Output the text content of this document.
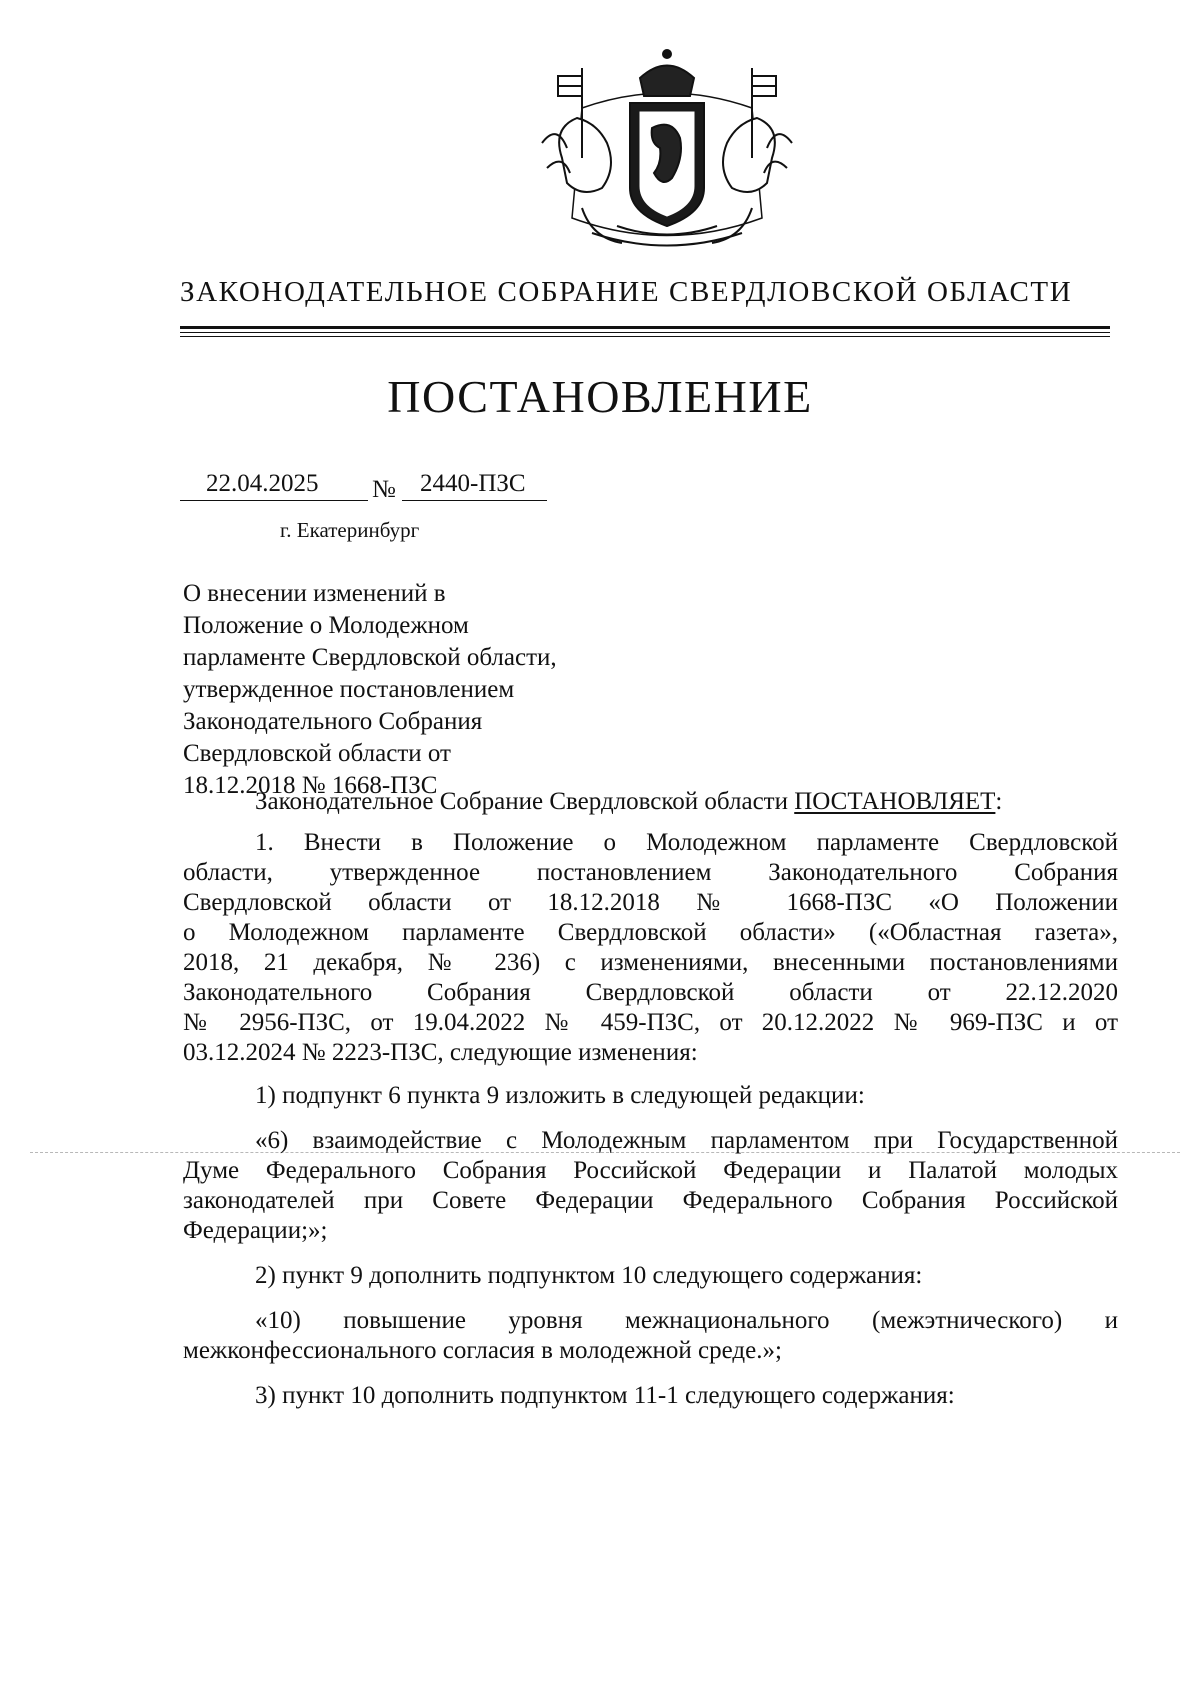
ЗАКОНОДАТЕЛЬНОЕ СОБРАНИЕ СВЕРДЛОВСКОЙ ОБЛАСТИ
ПОСТАНОВЛЕНИЕ
22.04.2025	№ 2440-ПЗС
г. Екатеринбург
О внесении изменений в
Положение о Молодежном
парламенте Свердловской области,
утвержденное постановлением
Законодательного Собрания
Свердловской области от
18.12.2018 № 1668-ПЗС
Законодательное Собрание Свердловской области ПОСТАНОВЛЯЕТ:
1. Внести в Положение о Молодежном парламенте Свердловской
области, утвержденное постановлением Законодательного Собрания
Свердловской области от 18.12.2018 № 1668-ПЗС «О Положении
о Молодежном парламенте Свердловской области» («Областная газета»,
2018, 21 декабря, № 236) с изменениями, внесенными постановлениями
Законодательного Собрания Свердловской области от 22.12.2020
№ 2956-ПЗС, от 19.04.2022 № 459-ПЗС, от 20.12.2022 № 969-ПЗС и от
03.12.2024 № 2223-ПЗС, следующие изменения:
1) подпункт 6 пункта 9 изложить в следующей редакции:
«6) взаимодействие с Молодежным парламентом при Государственной
Думе Федерального Собрания Российской Федерации и Палатой молодых
законодателей при Совете Федерации Федерального Собрания Российской
Федерации;»;
2) пункт 9 дополнить подпунктом 10 следующего содержания:
«10) повышение уровня межнационального (межэтнического) и
межконфессионального согласия в молодежной среде.»;
3) пункт 10 дополнить подпунктом 11-1 следующего содержания:
